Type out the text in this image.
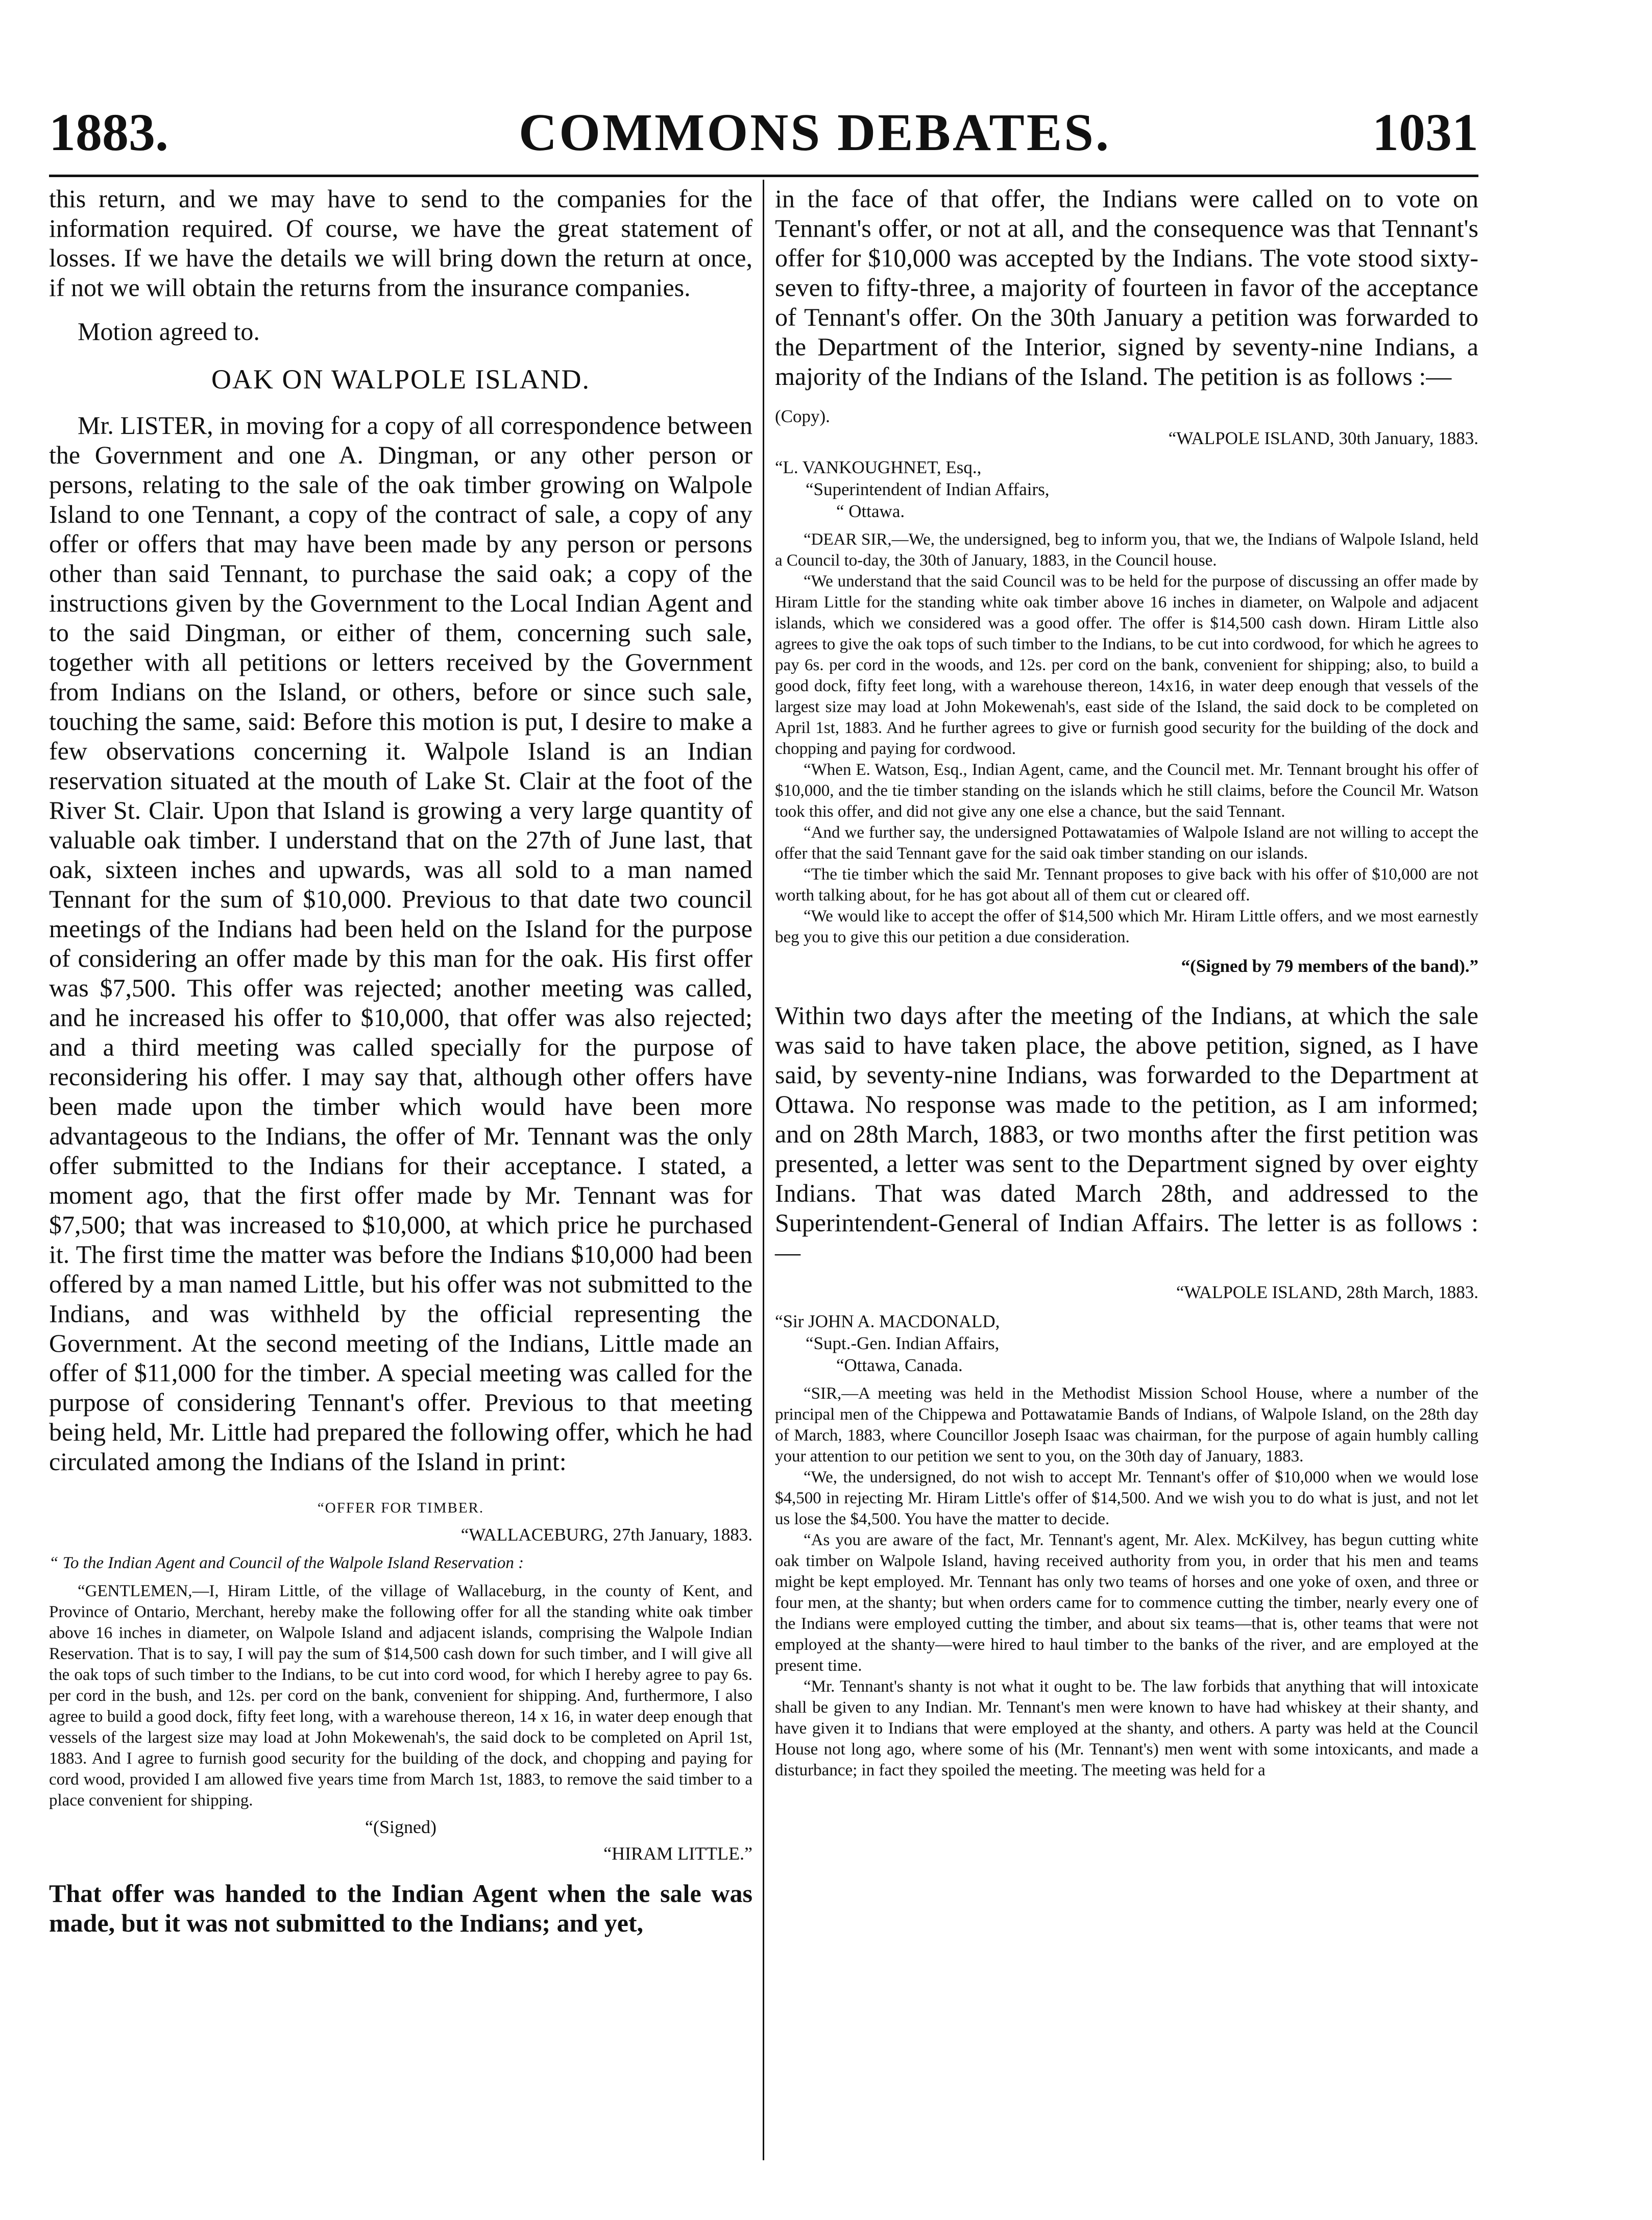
1883.	COMMONS DEBATES.	1031

this return, and we may have to send to the companies for the information required. Of course, we have the great statement of losses. If we have the details we will bring down the return at once, if not we will obtain the returns from the insurance companies.

Motion agreed to.

OAK ON WALPOLE ISLAND.

Mr. LISTER, in moving for a copy of all correspondence between the Government and one A. Dingman, or any other person or persons, relating to the sale of the oak timber growing on Walpole Island to one Tennant, a copy of the contract of sale, a copy of any offer or offers that may have been made by any person or persons other than said Tennant, to purchase the said oak; a copy of the instructions given by the Government to the Local Indian Agent and to the said Dingman, or either of them, concerning such sale, together with all petitions or letters received by the Government from Indians on the Island, or others, before or since such sale, touching the same, said: Before this motion is put, I desire to make a few observations concerning it. Walpole Island is an Indian reservation situated at the mouth of Lake St. Clair at the foot of the River St. Clair. Upon that Island is growing a very large quantity of valuable oak timber. I understand that on the 27th of June last, that oak, sixteen inches and upwards, was all sold to a man named Tennant for the sum of $10,000. Previous to that date two council meetings of the Indians had been held on the Island for the purpose of considering an offer made by this man for the oak. His first offer was $7,500. This offer was rejected; another meeting was called, and he increased his offer to $10,000, that offer was also rejected; and a third meeting was called specially for the purpose of reconsidering his offer. I may say that, although other offers have been made upon the timber which would have been more advantageous to the Indians, the offer of Mr. Tennant was the only offer submitted to the Indians for their acceptance. I stated, a moment ago, that the first offer made by Mr. Tennant was for $7,500; that was increased to $10,000, at which price he purchased it. The first time the matter was before the Indians $10,000 had been offered by a man named Little, but his offer was not submitted to the Indians, and was withheld by the official representing the Government. At the second meeting of the Indians, Little made an offer of $11,000 for the timber. A special meeting was called for the purpose of considering Tennant's offer. Previous to that meeting being held, Mr. Little had prepared the following offer, which he had circulated among the Indians of the Island in print:

“OFFER FOR TIMBER.

“WALLACEBURG, 27th January, 1883.

“ To the Indian Agent and Council of the Walpole Island Reservation :

“GENTLEMEN,—I, Hiram Little, of the village of Wallaceburg, in the county of Kent, and Province of Ontario, Merchant, hereby make the following offer for all the standing white oak timber above 16 inches in diameter, on Walpole Island and adjacent islands, comprising the Walpole Indian Reservation. That is to say, I will pay the sum of $14,500 cash down for such timber, and I will give all the oak tops of such timber to the Indians, to be cut into cord wood, for which I hereby agree to pay 6s. per cord in the bush, and 12s. per cord on the bank, convenient for shipping. And, furthermore, I also agree to build a good dock, fifty feet long, with a warehouse thereon, 14 x 16, in water deep enough that vessels of the largest size may load at John Mokewenah's, the said dock to be completed on April 1st, 1883. And I agree to furnish good security for the building of the dock, and chopping and paying for cord wood, provided I am allowed five years time from March 1st, 1883, to remove the said timber to a place convenient for shipping.

“(Signed)

“HIRAM LITTLE.”

That offer was handed to the Indian Agent when the sale was made, but it was not submitted to the Indians; and yet,

in the face of that offer, the Indians were called on to vote on Tennant's offer, or not at all, and the consequence was that Tennant's offer for $10,000 was accepted by the Indians. The vote stood sixty-seven to fifty-three, a majority of fourteen in favor of the acceptance of Tennant's offer. On the 30th January a petition was forwarded to the Department of the Interior, signed by seventy-nine Indians, a majority of the Indians of the Island. The petition is as follows :—

(Copy).

“WALPOLE ISLAND, 30th January, 1883.

“L. VANKOUGHNET, Esq.,

“Superintendent of Indian Affairs,

“ Ottawa.

“DEAR SIR,—We, the undersigned, beg to inform you, that we, the Indians of Walpole Island, held a Council to-day, the 30th of January, 1883, in the Council house.

“We understand that the said Council was to be held for the purpose of discussing an offer made by Hiram Little for the standing white oak timber above 16 inches in diameter, on Walpole and adjacent islands, which we considered was a good offer. The offer is $14,500 cash down. Hiram Little also agrees to give the oak tops of such timber to the Indians, to be cut into cordwood, for which he agrees to pay 6s. per cord in the woods, and 12s. per cord on the bank, convenient for shipping; also, to build a good dock, fifty feet long, with a warehouse thereon, 14x16, in water deep enough that vessels of the largest size may load at John Mokewenah's, east side of the Island, the said dock to be completed on April 1st, 1883. And he further agrees to give or furnish good security for the building of the dock and chopping and paying for cordwood.

“When E. Watson, Esq., Indian Agent, came, and the Council met. Mr. Tennant brought his offer of $10,000, and the tie timber standing on the islands which he still claims, before the Council Mr. Watson took this offer, and did not give any one else a chance, but the said Tennant.

“And we further say, the undersigned Pottawatamies of Walpole Island are not willing to accept the offer that the said Tennant gave for the said oak timber standing on our islands.

“The tie timber which the said Mr. Tennant proposes to give back with his offer of $10,000 are not worth talking about, for he has got about all of them cut or cleared off.

“We would like to accept the offer of $14,500 which Mr. Hiram Little offers, and we most earnestly beg you to give this our petition a due consideration.

“(Signed by 79 members of the band).”

Within two days after the meeting of the Indians, at which the sale was said to have taken place, the above petition, signed, as I have said, by seventy-nine Indians, was forwarded to the Department at Ottawa. No response was made to the petition, as I am informed; and on 28th March, 1883, or two months after the first petition was presented, a letter was sent to the Department signed by over eighty Indians. That was dated March 28th, and addressed to the Superintendent-General of Indian Affairs. The letter is as follows :—

“WALPOLE ISLAND, 28th March, 1883.

“Sir JOHN A. MACDONALD,

“Supt.-Gen. Indian Affairs,

“Ottawa, Canada.

“SIR,—A meeting was held in the Methodist Mission School House, where a number of the principal men of the Chippewa and Pottawatamie Bands of Indians, of Walpole Island, on the 28th day of March, 1883, where Councillor Joseph Isaac was chairman, for the purpose of again humbly calling your attention to our petition we sent to you, on the 30th day of January, 1883.

“We, the undersigned, do not wish to accept Mr. Tennant's offer of $10,000 when we would lose $4,500 in rejecting Mr. Hiram Little's offer of $14,500. And we wish you to do what is just, and not let us lose the $4,500. You have the matter to decide.

“As you are aware of the fact, Mr. Tennant's agent, Mr. Alex. McKilvey, has begun cutting white oak timber on Walpole Island, having received authority from you, in order that his men and teams might be kept employed. Mr. Tennant has only two teams of horses and one yoke of oxen, and three or four men, at the shanty; but when orders came for to commence cutting the timber, nearly every one of the Indians were employed cutting the timber, and about six teams—that is, other teams that were not employed at the shanty—were hired to haul timber to the banks of the river, and are employed at the present time.

“Mr. Tennant's shanty is not what it ought to be. The law forbids that anything that will intoxicate shall be given to any Indian. Mr. Tennant's men were known to have had whiskey at their shanty, and have given it to Indians that were employed at the shanty, and others. A party was held at the Council House not long ago, where some of his (Mr. Tennant's) men went with some intoxicants, and made a disturbance; in fact they spoiled the meeting. The meeting was held for a
